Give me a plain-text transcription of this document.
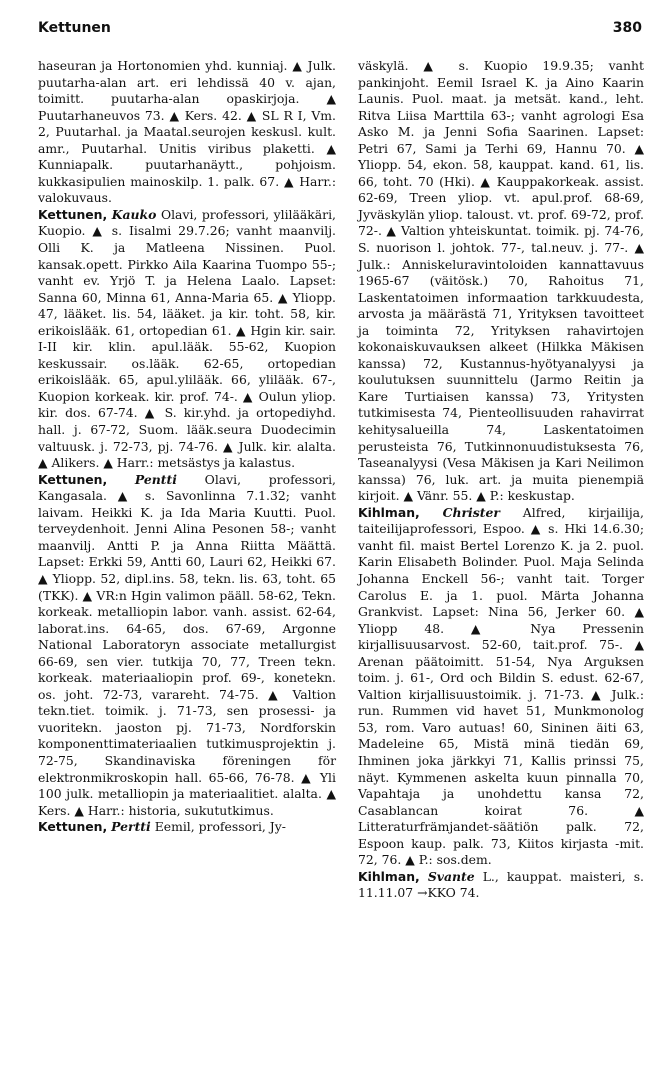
Kettunen	380

haseuran ja Hortonomien yhd. kunniaj. ▲ Julk. puutarha-alan art. eri lehdissä 40 v. ajan, toimitt. puutarha-alan opaskirjoja. ▲ Puutarhaneuvos 73. ▲ Kers. 42. ▲ SL R I, Vm. 2, Puutarhal. ja Maatal.seurojen keskusl. kult. amr., Puutarhal. Unitis viribus plaketti. ▲ Kunniapalk. puutarhanäytt., pohjoism. kukkasipulien mainoskilp. 1. palk. 67. ▲ Harr.: valokuvaus.

Kettunen, Kauko Olavi, professori, ylilääkäri, Kuopio. ▲ s. Iisalmi 29.7.26; vanht maanvilj. Olli K. ja Matleena Nissinen. Puol. kansak.opett. Pirkko Aila Kaarina Tuompo 55-; vanht ev. Yrjö T. ja Helena Laalo. Lapset: Sanna 60, Minna 61, Anna-Maria 65. ▲ Yliopp. 47, lääket. lis. 54, lääket. ja kir. toht. 58, kir. erikoislääk. 61, ortopedian 61. ▲ Hgin kir. sair. I-II kir. klin. apul.lääk. 55-62, Kuopion keskussair. os.lääk. 62-65, ortopedian erikoislääk. 65, apul.ylilääk. 66, ylilääk. 67-, Kuopion korkeak. kir. prof. 74-. ▲ Oulun yliop. kir. dos. 67-74. ▲ S. kir.yhd. ja ortopediyhd. hall. j. 67-72, Suom. lääk.seura Duodecimin valtuusk. j. 72-73, pj. 74-76. ▲ Julk. kir. alalta. ▲ Alikers. ▲ Harr.: metsästys ja kalastus.

Kettunen, Pentti Olavi, professori, Kangasala. ▲ s. Savonlinna 7.1.32; vanht laivam. Heikki K. ja Ida Maria Kuutti. Puol. terveydenhoit. Jenni Alina Pesonen 58-; vanht maanvilj. Antti P. ja Anna Riitta Määttä. Lapset: Erkki 59, Antti 60, Lauri 62, Heikki 67. ▲ Yliopp. 52, dipl.ins. 58, tekn. lis. 63, toht. 65 (TKK). ▲ VR:n Hgin valimon pääll. 58-62, Tekn. korkeak. metalliopin labor. vanh. assist. 62-64, laborat.ins. 64-65, dos. 67-69, Argonne National Laboratoryn associate metallurgist 66-69, sen vier. tutkija 70, 77, Treen tekn. korkeak. materiaaliopin prof. 69-, konetekn. os. joht. 72-73, varareht. 74-75. ▲ Valtion tekn.tiet. toimik. j. 71-73, sen prosessi- ja vuoritekn. jaoston pj. 71-73, Nordforskin komponenttimateriaalien tutkimusprojektin j. 72-75, Skandinaviska föreningen för elektronmikroskopin hall. 65-66, 76-78. ▲ Yli 100 julk. metalliopin ja materiaalitiet. alalta. ▲ Kers. ▲ Harr.: historia, sukututkimus.

Kettunen, Pertti Eemil, professori, Jy-

väskylä. ▲ s. Kuopio 19.9.35; vanht pankinjoht. Eemil Israel K. ja Aino Kaarin Launis. Puol. maat. ja metsät. kand., leht. Ritva Liisa Marttila 63-; vanht agrologi Esa Asko M. ja Jenni Sofia Saarinen. Lapset: Petri 67, Sami ja Terhi 69, Hannu 70. ▲ Yliopp. 54, ekon. 58, kauppat. kand. 61, lis. 66, toht. 70 (Hki). ▲ Kauppakorkeak. assist. 62-69, Treen yliop. vt. apul.prof. 68-69, Jyväskylän yliop. taloust. vt. prof. 69-72, prof. 72-. ▲ Valtion yhteiskuntat. toimik. pj. 74-76, S. nuorison l. johtok. 77-, tal.neuv. j. 77-. ▲ Julk.: Anniskeluravintoloiden kannattavuus 1965-67 (väitösk.) 70, Rahoitus 71, Laskentatoimen informaation tarkkuudesta, arvosta ja määrästä 71, Yrityksen tavoitteet ja toiminta 72, Yrityksen rahavirtojen kokonaiskuvauksen alkeet (Hilkka Mäkisen kanssa) 72, Kustannus-hyötyanalyysi ja koulutuksen suunnittelu (Jarmo Reitin ja Kare Turtiaisen kanssa) 73, Yritysten tutkimisesta 74, Pienteollisuuden rahavirrat kehitysalueilla 74, Laskentatoimen perusteista 76, Tutkinnonuudistuksesta 76, Taseanalyysi (Vesa Mäkisen ja Kari Neilimon kanssa) 76, luk. art. ja muita pienempiä kirjoit. ▲ Vänr. 55. ▲ P.: keskustap.

Kihlman, Christer Alfred, kirjailija, taiteilijaprofessori, Espoo. ▲ s. Hki 14.6.30; vanht fil. maist Bertel Lorenzo K. ja 2. puol. Karin Elisabeth Bolinder. Puol. Maja Selinda Johanna Enckell 56-; vanht tait. Torger Carolus E. ja 1. puol. Märta Johanna Grankvist. Lapset: Nina 56, Jerker 60. ▲ Yliopp 48. ▲ Nya Pressenin kirjallisuusarvost. 52-60, tait.prof. 75-. ▲ Arenan päätoimitt. 51-54, Nya Arguksen toim. j. 61-, Ord och Bildin S. edust. 62-67, Valtion kirjallisuustoimik. j. 71-73. ▲ Julk.: run. Rummen vid havet 51, Munkmonolog 53, rom. Varo autuas! 60, Sininen äiti 63, Madeleine 65, Mistä minä tiedän 69, Ihminen joka järkkyi 71, Kallis prinssi 75, näyt. Kymmenen askelta kuun pinnalla 70, Vapahtaja ja unohdettu kansa 72, Casablancan koirat 76. ▲ Litteraturfrämjandet-säätiön palk. 72, Espoon kaup. palk. 73, Kiitos kirjasta -mit. 72, 76. ▲ P.: sos.dem.

Kihlman, Svante L., kauppat. maisteri, s. 11.11.07 →KKO 74.
